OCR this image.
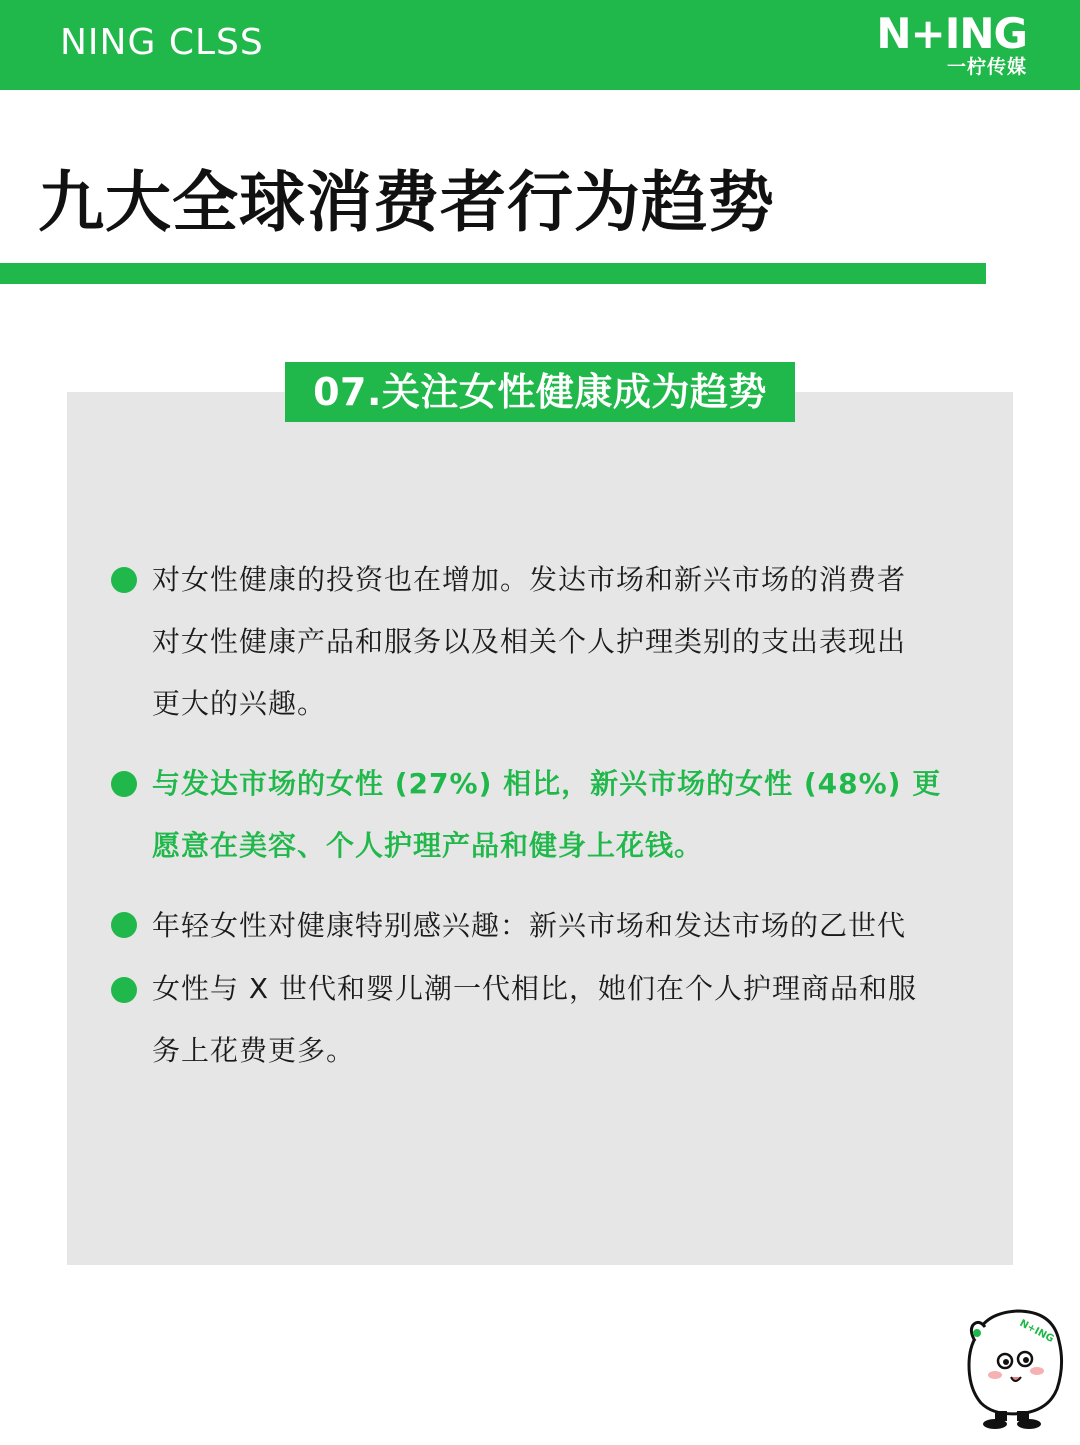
NING CLSS	N+ING
一柠传媒
九大全球消费者行为趋势
07.关注女性健康成为趋势
对女性健康的投资也在增加。发达市场和新兴市场的消费者
对女性健康产品和服务以及相关个人护理类别的支出表现出
更大的兴趣。
与发达市场的女性 (27%) 相比，新兴市场的女性 (48%) 更
愿意在美容、个人护理产品和健身上花钱。
年轻女性对健康特别感兴趣：新兴市场和发达市场的乙世代
女性与 X 世代和婴儿潮一代相比，她们在个人护理商品和服
务上花费更多。
N+ING
